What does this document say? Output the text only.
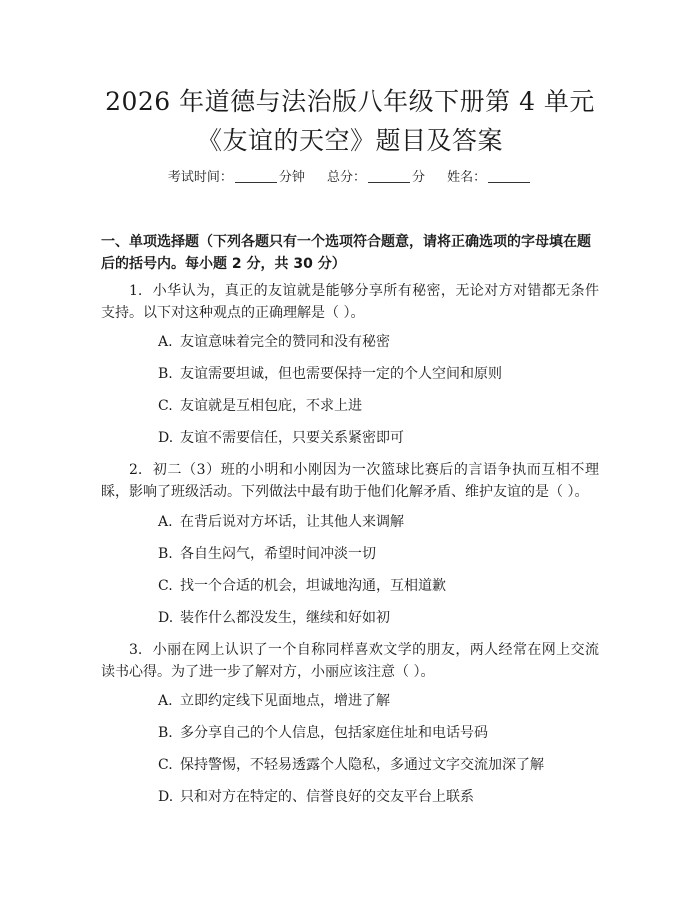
2026 年道德与法治版八年级下册第 4 单元
《友谊的天空》题目及答案
考试时间：	分钟 总分：	分 姓名：
一、单项选择题（下列各题只有一个选项符合题意，请将正确选项的字母填在题后的括号内。每小题 2 分，共 30 分）
1. 小华认为，真正的友谊就是能够分享所有秘密，无论对方对错都无条件支持。以下对这种观点的正确理解是（ ）。
A. 友谊意味着完全的赞同和没有秘密
B. 友谊需要坦诚，但也需要保持一定的个人空间和原则
C. 友谊就是互相包庇，不求上进
D. 友谊不需要信任，只要关系紧密即可
2. 初二（3）班的小明和小刚因为一次篮球比赛后的言语争执而互相不理睬，影响了班级活动。下列做法中最有助于他们化解矛盾、维护友谊的是（ ）。
A. 在背后说对方坏话，让其他人来调解
B. 各自生闷气，希望时间冲淡一切
C. 找一个合适的机会，坦诚地沟通，互相道歉
D. 装作什么都没发生，继续和好如初
3. 小丽在网上认识了一个自称同样喜欢文学的朋友，两人经常在网上交流读书心得。为了进一步了解对方，小丽应该注意（ ）。
A. 立即约定线下见面地点，增进了解
B. 多分享自己的个人信息，包括家庭住址和电话号码
C. 保持警惕，不轻易透露个人隐私，多通过文字交流加深了解
D. 只和对方在特定的、信誉良好的交友平台上联系
